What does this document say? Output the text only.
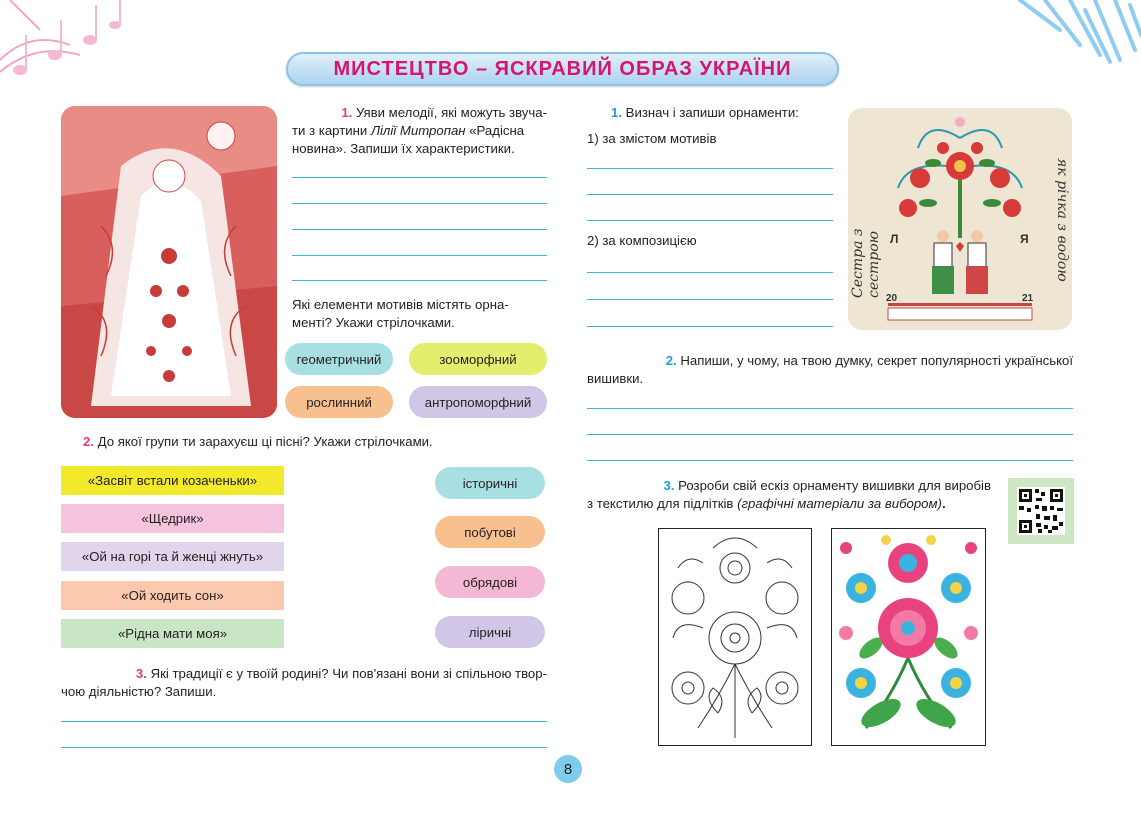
МИСТЕЦТВО – ЯСКРАВИЙ ОБРАЗ УКРАЇНИ
1. Уяви мелодії, які можуть звуча-
ти з картини Лілії Митропан «Радісна
новина». Запиши їх характеристики.
Які елементи мотивів містять орна-
менті? Укажи стрілочками.
геометричний	зооморфний
рослинний	антропоморфний
2. До якої групи ти зарахуєш ці пісні? Укажи стрілочками.
«Засвіт встали козаченьки»
«Щедрик»
«Ой на горі та й женці жнуть»
«Ой ходить сон»
«Рідна мати моя»
історичні
побутові
обрядові
ліричні
3. Які традиції є у твоїй родині? Чи пов'язані вони зі спільною твор-
чою діяльністю? Запиши.
1. Визнач і запиши орнаменти:
1) за змістом мотивів
2) за композицією	Сестра з сестрою	як річка з водою
Л	Я
20	21
2. Напиши, у чому, на твою думку, секрет популярності української
вишивки.
3. Розроби свій ескіз орнаменту вишивки для виробів
з текстилю для підлітків (графічні матеріали за вибором).
8
